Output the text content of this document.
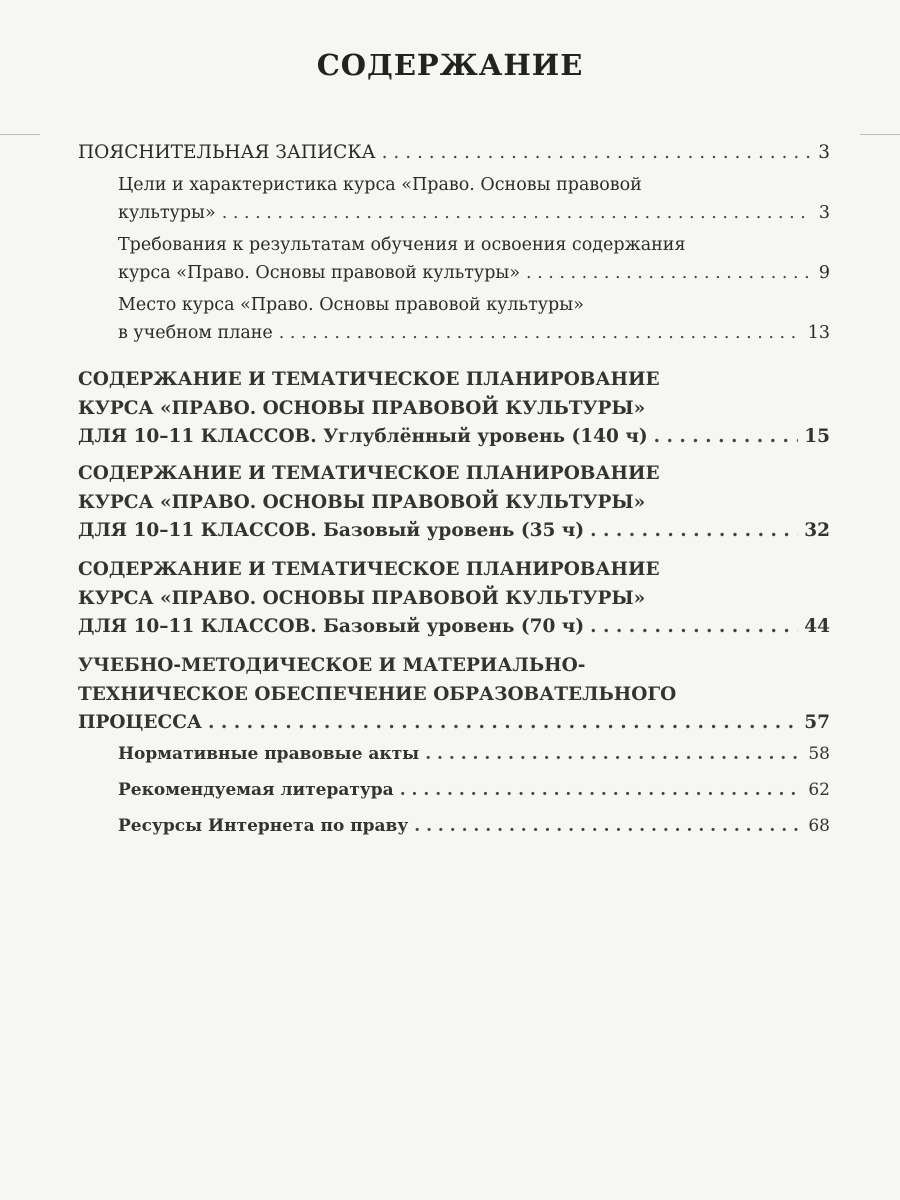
СОДЕРЖАНИЕ
ПОЯСНИТЕЛЬНАЯ ЗАПИСКА . . .	3
Цели и характеристика курса «Право. Основы правовой
культуры» . . .	3
Требования к результатам обучения и освоения содержания
курса «Право. Основы правовой культуры» . . .	9
Место курса «Право. Основы правовой культуры»
в учебном плане . . .	13
СОДЕРЖАНИЕ И ТЕМАТИЧЕСКОЕ ПЛАНИРОВАНИЕ
КУРСА «ПРАВО. ОСНОВЫ ПРАВОВОЙ КУЛЬТУРЫ»
ДЛЯ 10–11 КЛАССОВ. Углублённый уровень (140 ч) . . .	15
СОДЕРЖАНИЕ И ТЕМАТИЧЕСКОЕ ПЛАНИРОВАНИЕ
КУРСА «ПРАВО. ОСНОВЫ ПРАВОВОЙ КУЛЬТУРЫ»
ДЛЯ 10–11 КЛАССОВ. Базовый уровень (35 ч) . . .	32
СОДЕРЖАНИЕ И ТЕМАТИЧЕСКОЕ ПЛАНИРОВАНИЕ
КУРСА «ПРАВО. ОСНОВЫ ПРАВОВОЙ КУЛЬТУРЫ»
ДЛЯ 10–11 КЛАССОВ. Базовый уровень (70 ч) . . .	44
УЧЕБНО-МЕТОДИЧЕСКОЕ И МАТЕРИАЛЬНО-
ТЕХНИЧЕСКОЕ ОБЕСПЕЧЕНИЕ ОБРАЗОВАТЕЛЬНОГО
ПРОЦЕССА . . .	57
Нормативные правовые акты . . .	58
Рекомендуемая литература . . .	62
Ресурсы Интернета по праву . . .	68
